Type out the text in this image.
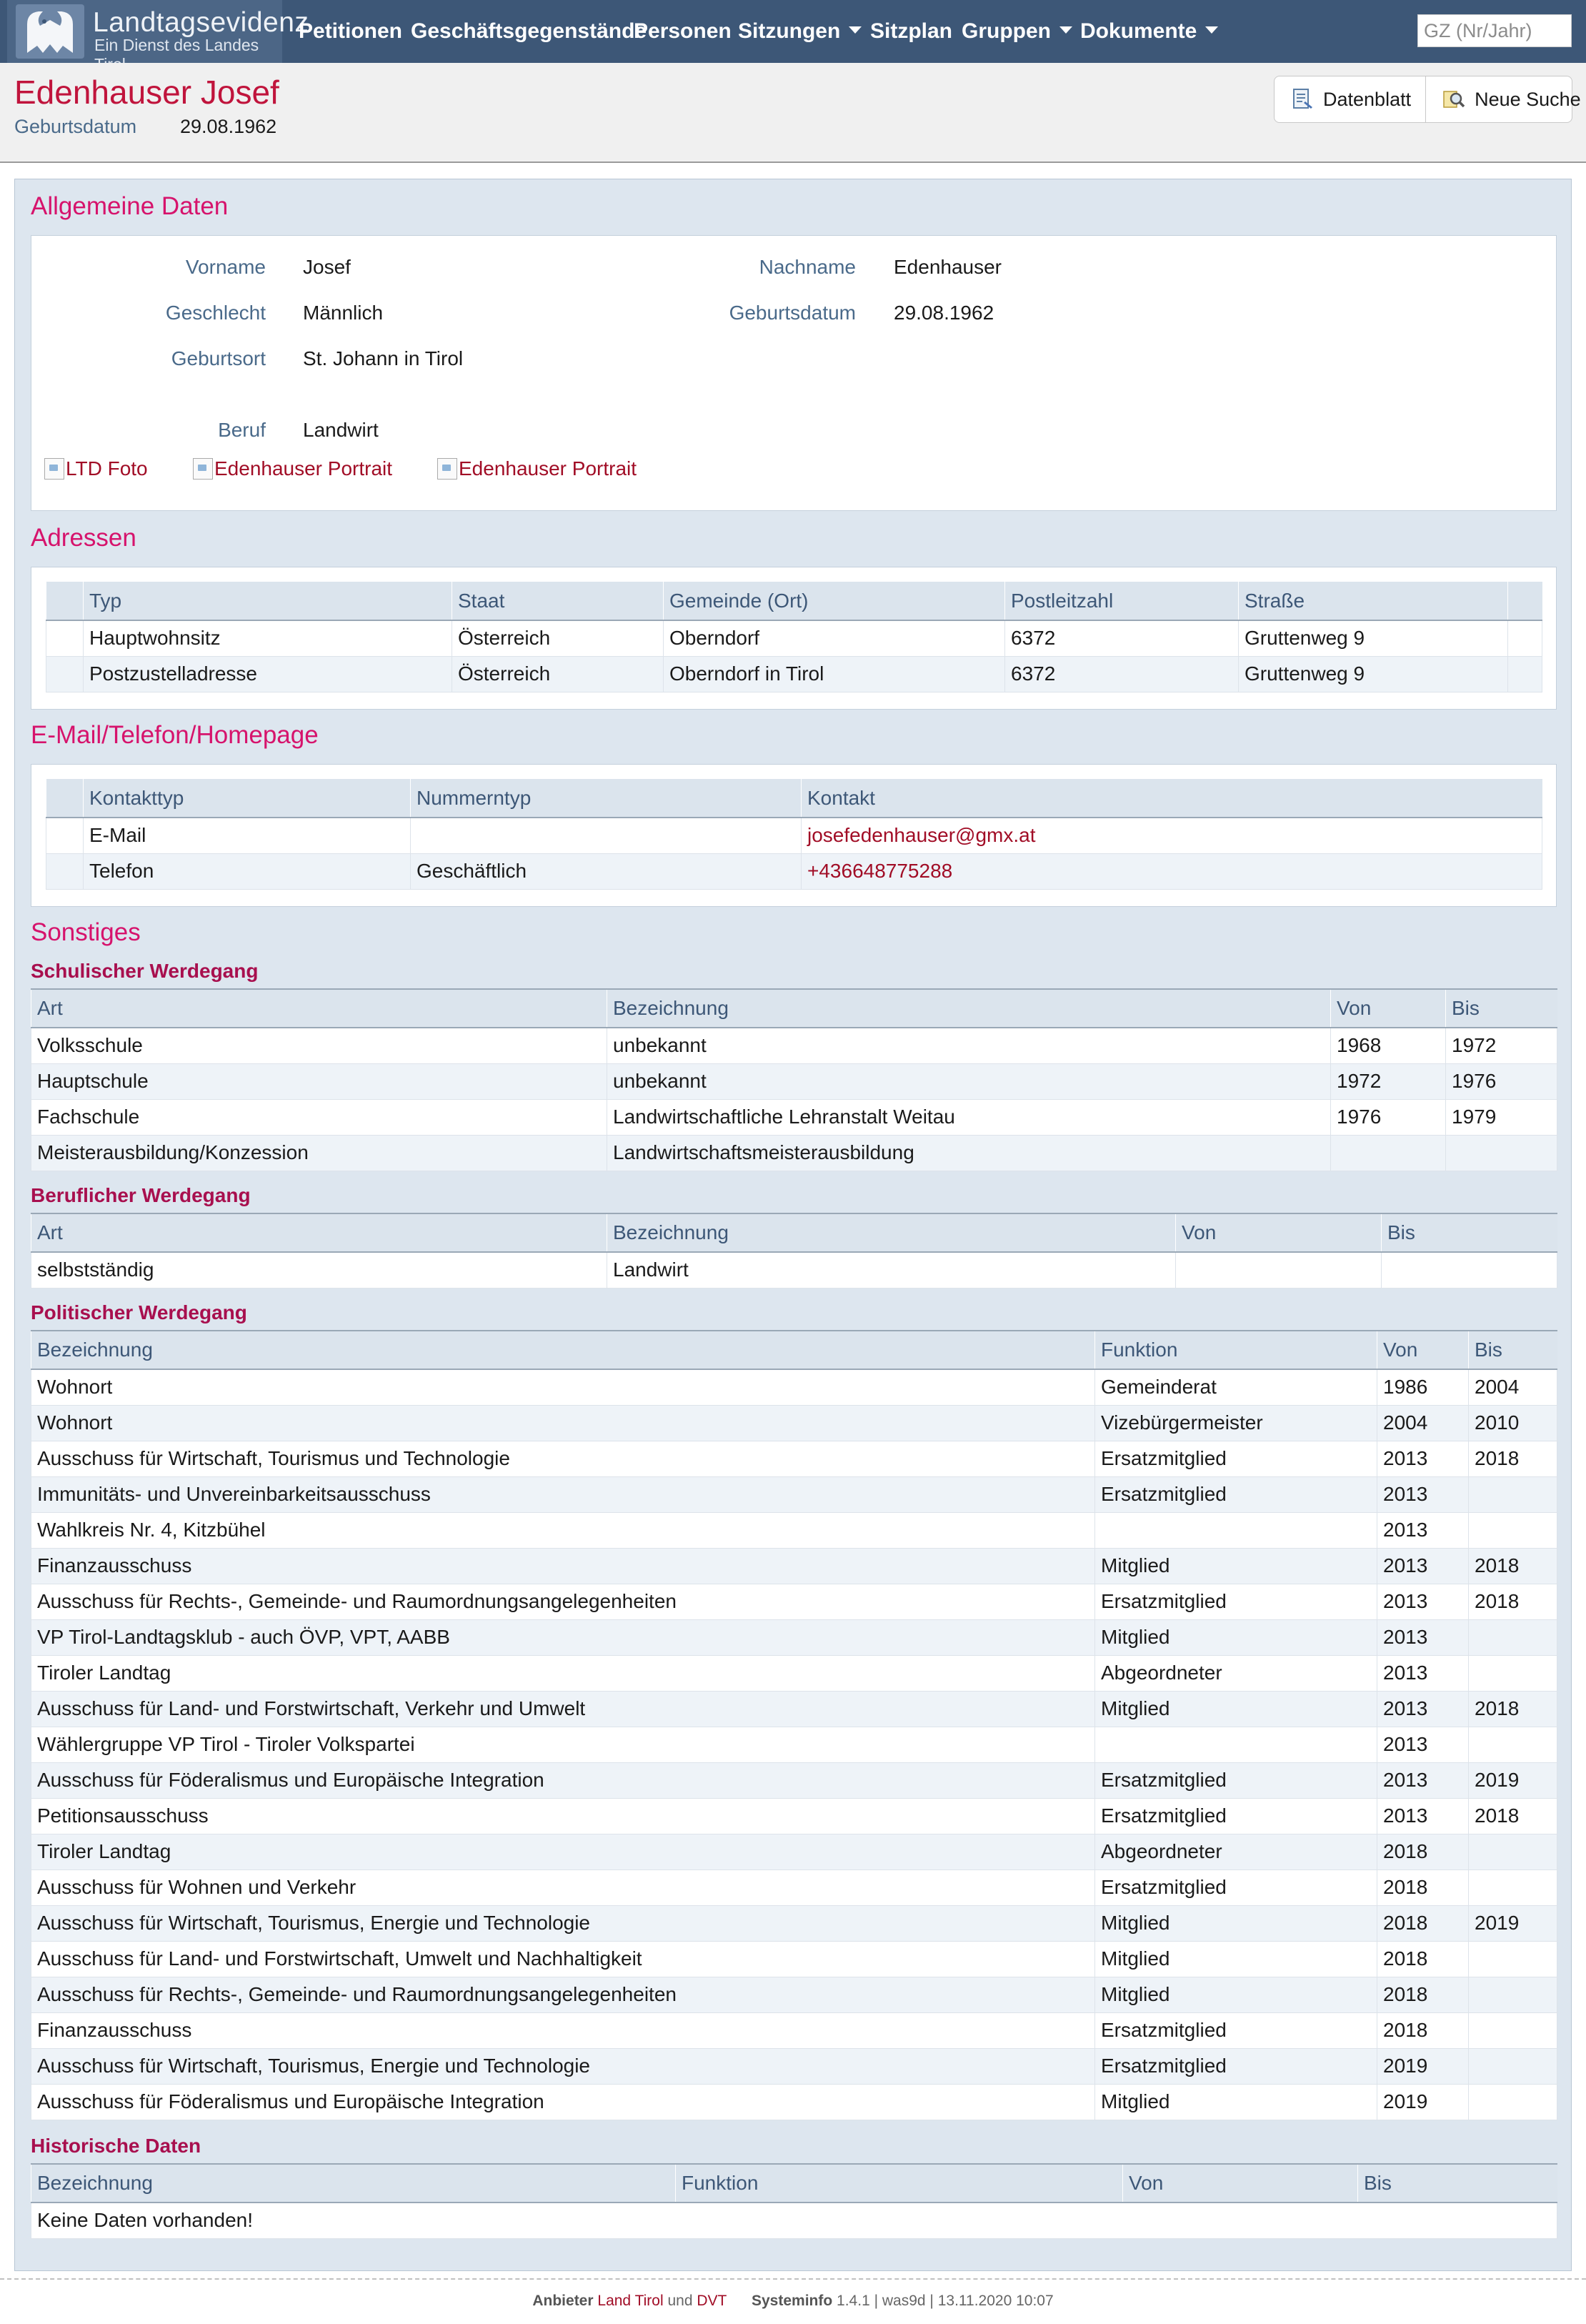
Landtagsevidenz
Ein Dienst des Landes
Petitionen Geschäftsgegenstände
Personen Sitzungen	Sitzplan Gruppen	Dokumente
GZ (Nr/Jahr)
Edenhauser Josef
Geburtsdatum 29.08.1962
Datenblatt	Neue Suche
Allgemeine Daten
Vorname Josef	Nachname Edenhauser
Geschlecht Männlich	Geburtsdatum 29.08.1962
Geburtsort St. Johann in Tirol
Beruf Landwirt
LTD Foto	Edenhauser Portrait	Edenhauser Portrait
Adressen
	Typ	Staat	Gemeinde (Ort)	Postleitzahl	Straße	
	Hauptwohnsitz	Österreich	Oberndorf	6372	Gruttenweg 9	
	Postzustelladresse	Österreich	Oberndorf in Tirol	6372	Gruttenweg 9	
E-Mail/Telefon/Homepage
	Kontakttyp	Nummerntyp	Kontakt
	E-Mail		josefedenhauser@gmx.at
	Telefon	Geschäftlich	+436648775288
Sonstiges
Schulischer Werdegang
Art	Bezeichnung	Von	Bis
Volksschule	unbekannt	1968	1972
Hauptschule	unbekannt	1972	1976
Fachschule	Landwirtschaftliche Lehranstalt Weitau	1976	1979
Meisterausbildung/Konzession	Landwirtschaftsmeisterausbildung		
Beruflicher Werdegang
Art	Bezeichnung	Von	Bis
selbstständig	Landwirt		
Politischer Werdegang
Bezeichnung	Funktion	Von	Bis
Wohnort	Gemeinderat	1986	2004
Wohnort	Vizebürgermeister	2004	2010
Ausschuss für Wirtschaft, Tourismus und Technologie	Ersatzmitglied	2013	2018
Immunitäts- und Unvereinbarkeitsausschuss	Ersatzmitglied	2013	
Wahlkreis Nr. 4, Kitzbühel		2013	
Finanzausschuss	Mitglied	2013	2018
Ausschuss für Rechts-, Gemeinde- und Raumordnungsangelegenheiten	Ersatzmitglied	2013	2018
VP Tirol-Landtagsklub - auch ÖVP, VPT, AABB	Mitglied	2013	
Tiroler Landtag	Abgeordneter	2013	
Ausschuss für Land- und Forstwirtschaft, Verkehr und Umwelt	Mitglied	2013	2018
Wählergruppe VP Tirol - Tiroler Volkspartei		2013	
Ausschuss für Föderalismus und Europäische Integration	Ersatzmitglied	2013	2019
Petitionsausschuss	Ersatzmitglied	2013	2018
Tiroler Landtag	Abgeordneter	2018	
Ausschuss für Wohnen und Verkehr	Ersatzmitglied	2018	
Ausschuss für Wirtschaft, Tourismus, Energie und Technologie	Mitglied	2018	2019
Ausschuss für Land- und Forstwirtschaft, Umwelt und Nachhaltigkeit	Mitglied	2018	
Ausschuss für Rechts-, Gemeinde- und Raumordnungsangelegenheiten	Mitglied	2018	
Finanzausschuss	Ersatzmitglied	2018	
Ausschuss für Wirtschaft, Tourismus, Energie und Technologie	Ersatzmitglied	2019	
Ausschuss für Föderalismus und Europäische Integration	Mitglied	2019	
Historische Daten
Bezeichnung	Funktion	Von	Bis
Keine Daten vorhanden!
Anbieter Land Tirol und DVT Systeminfo 1.4.1 | was9d | 13.11.2020 10:07
